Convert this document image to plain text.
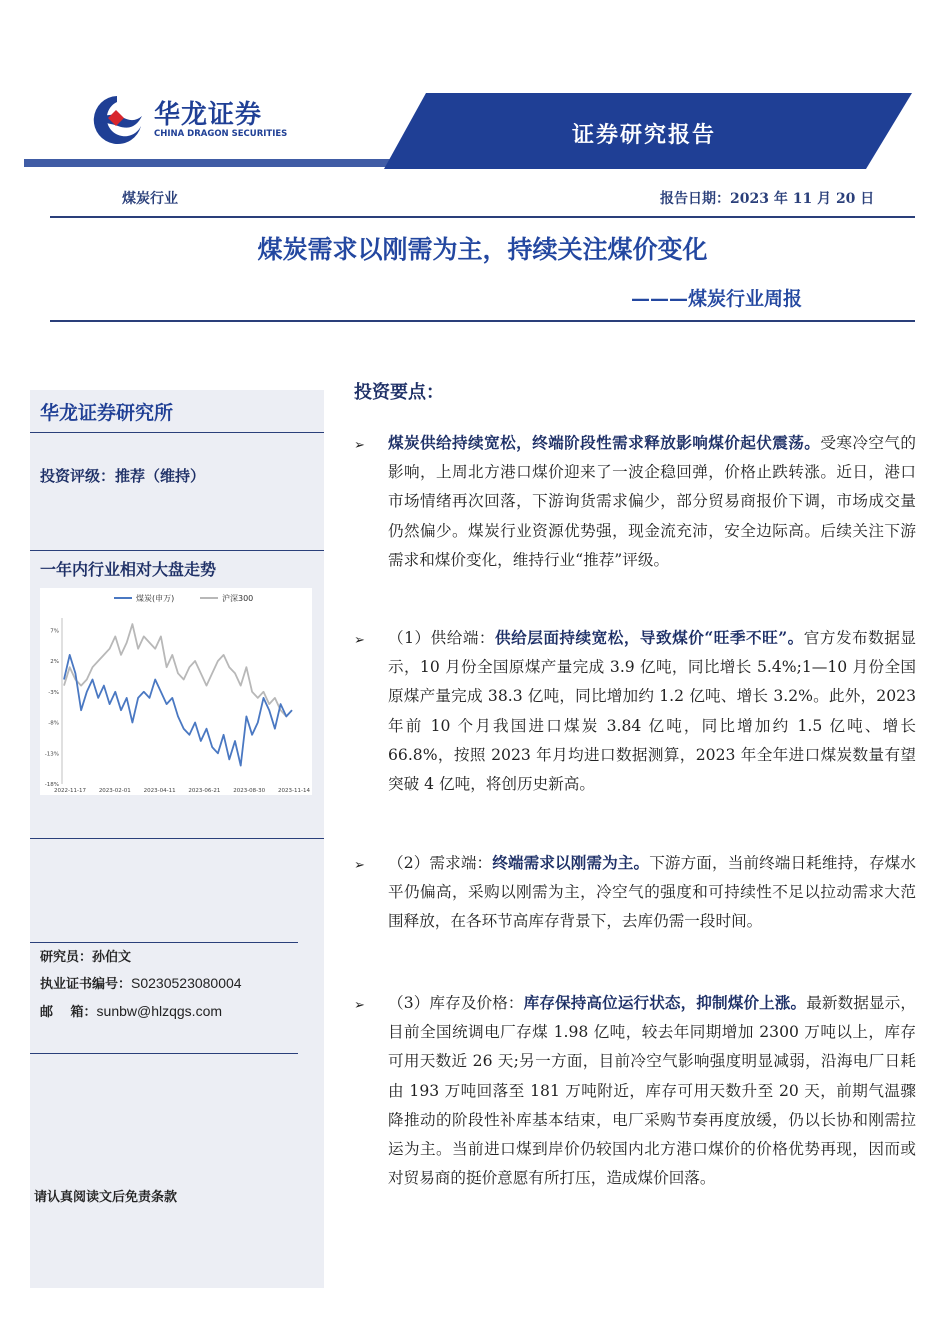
证券研究报告
华龙证券
CHINA DRAGON SECURITIES
煤炭行业	报告日期：2023 年 11 月 20 日
煤炭需求以刚需为主，持续关注煤价变化
———煤炭行业周报
华龙证券研究所
投资评级：推荐（维持）
一年内行业相对大盘走势
煤炭(申万)	沪深300
7%
2%
-3%
-8%
-13%
-18%
2022-11-17 2023-02-01 2023-04-11 2023-06-21 2023-08-30 2023-11-14
研究员：孙伯文
执业证书编号：S0230523080004
邮　 箱：sunbw@hlzqgs.com
请认真阅读文后免责条款
投资要点：
➢ 煤炭供给持续宽松，终端阶段性需求释放影响煤价起伏震荡。受寒冷空气的影响，上周北方港口煤价迎来了一波企稳回弹，价格止跌转涨。近日，港口市场情绪再次回落，下游询货需求偏少，部分贸易商报价下调，市场成交量仍然偏少。煤炭行业资源优势强，现金流充沛，安全边际高。后续关注下游需求和煤价变化，维持行业“推荐”评级。
➢ （1）供给端：供给层面持续宽松，导致煤价“旺季不旺”。官方发布数据显示，10 月份全国原煤产量完成 3.9 亿吨，同比增长 5.4%;1—10 月份全国原煤产量完成 38.3 亿吨，同比增加约 1.2 亿吨、增长 3.2%。此外，2023 年前 10 个月我国进口煤炭 3.84 亿吨，同比增加约 1.5 亿吨、增长 66.8%，按照 2023 年月均进口数据测算，2023 年全年进口煤炭数量有望突破 4 亿吨，将创历史新高。
➢ （2）需求端：终端需求以刚需为主。下游方面，当前终端日耗维持，存煤水平仍偏高，采购以刚需为主，冷空气的强度和可持续性不足以拉动需求大范围释放，在各环节高库存背景下，去库仍需一段时间。
➢ （3）库存及价格：库存保持高位运行状态，抑制煤价上涨。最新数据显示，目前全国统调电厂存煤 1.98 亿吨，较去年同期增加 2300 万吨以上，库存可用天数近 26 天;另一方面，目前冷空气影响强度明显减弱，沿海电厂日耗由 193 万吨回落至 181 万吨附近，库存可用天数升至 20 天，前期气温骤降推动的阶段性补库基本结束，电厂采购节奏再度放缓，仍以长协和刚需拉运为主。当前进口煤到岸价仍较国内北方港口煤价的价格优势再现，因而或对贸易商的挺价意愿有所打压，造成煤价回落。
